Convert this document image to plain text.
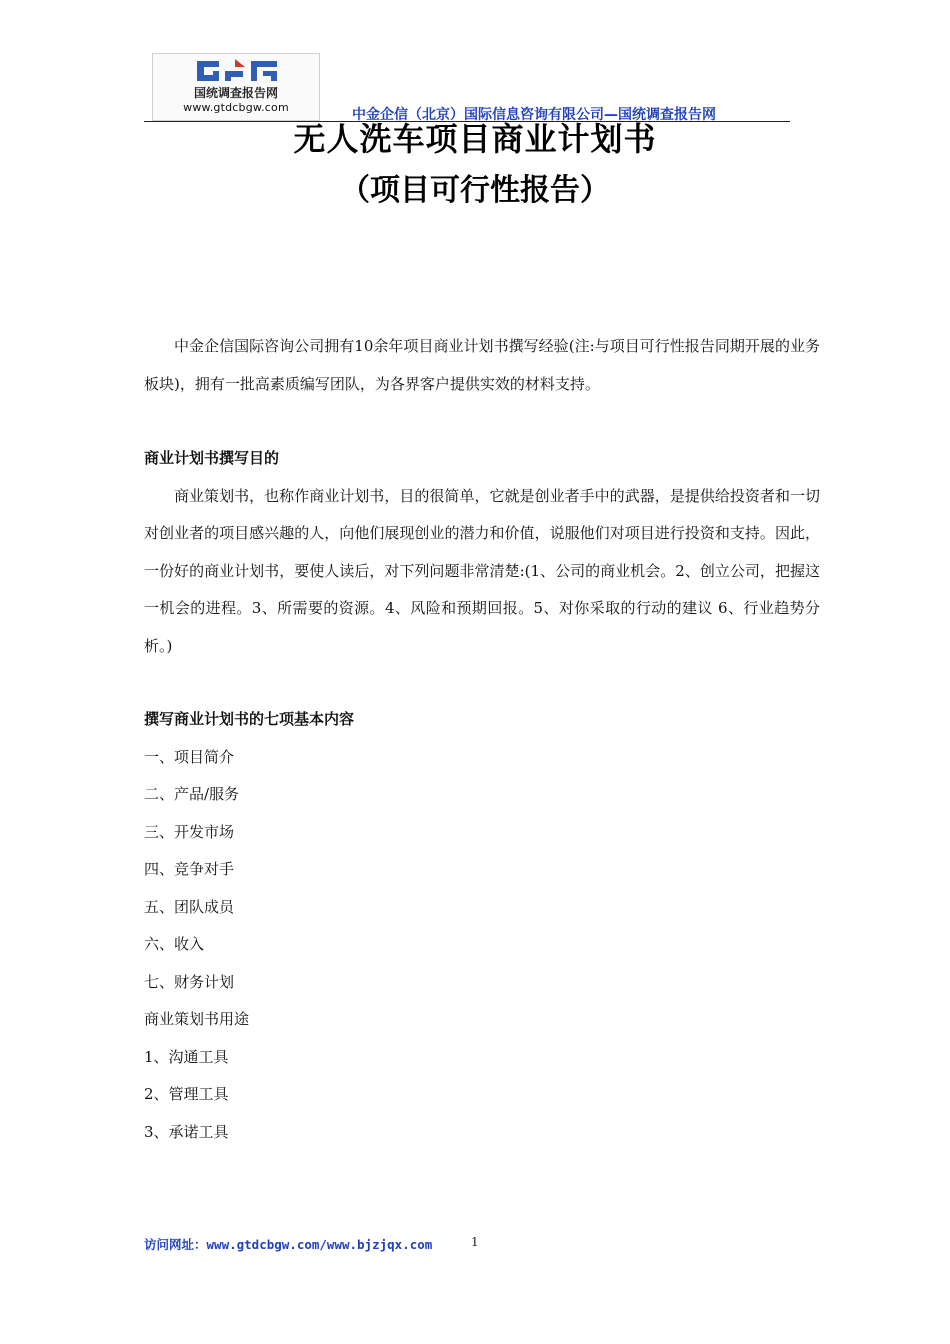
国统调查报告网
www.gtdcbgw.com	中金企信（北京）国际信息咨询有限公司—国统调查报告网
无人洗车项目商业计划书
（项目可行性报告）

中金企信国际咨询公司拥有10余年项目商业计划书撰写经验(注:与项目可行性报告同期开展的业务板块)，拥有一批高素质编写团队，为各界客户提供实效的材料支持。

商业计划书撰写目的

商业策划书，也称作商业计划书，目的很简单，它就是创业者手中的武器，是提供给投资者和一切对创业者的项目感兴趣的人，向他们展现创业的潜力和价值，说服他们对项目进行投资和支持。因此，一份好的商业计划书，要使人读后，对下列问题非常清楚:(1、公司的商业机会。2、创立公司，把握这一机会的进程。3、所需要的资源。4、风险和预期回报。5、对你采取的行动的建议 6、行业趋势分析。)

撰写商业计划书的七项基本内容

一、项目简介

二、产品/服务

三、开发市场

四、竞争对手

五、团队成员

六、收入

七、财务计划

商业策划书用途

1、沟通工具

2、管理工具

3、承诺工具

访问网址：www.gtdcbgw.com/www.bjzjqx.com	1
